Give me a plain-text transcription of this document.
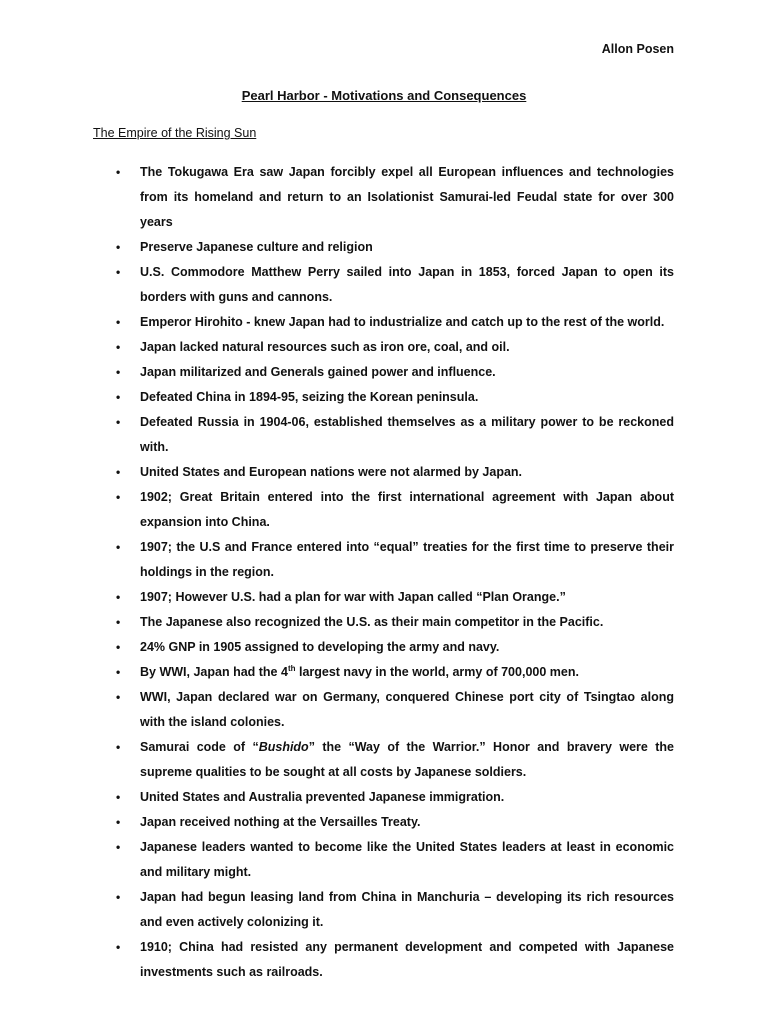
Allon Posen
Pearl Harbor - Motivations and Consequences
The Empire of the Rising Sun
• The Tokugawa Era saw Japan forcibly expel all European influences and technologies from its homeland and return to an Isolationist Samurai-led Feudal state for over 300 years
• Preserve Japanese culture and religion
• U.S. Commodore Matthew Perry sailed into Japan in 1853, forced Japan to open its borders with guns and cannons.
• Emperor Hirohito - knew Japan had to industrialize and catch up to the rest of the world.
• Japan lacked natural resources such as iron ore, coal, and oil.
• Japan militarized and Generals gained power and influence.
• Defeated China in 1894-95, seizing the Korean peninsula.
• Defeated Russia in 1904-06, established themselves as a military power to be reckoned with.
• United States and European nations were not alarmed by Japan.
• 1902; Great Britain entered into the first international agreement with Japan about expansion into China.
• 1907; the U.S and France entered into “equal” treaties for the first time to preserve their holdings in the region.
• 1907; However U.S. had a plan for war with Japan called “Plan Orange.”
• The Japanese also recognized the U.S. as their main competitor in the Pacific.
• 24% GNP in 1905 assigned to developing the army and navy.
• By WWI, Japan had the 4th largest navy in the world, army of 700,000 men.
• WWI, Japan declared war on Germany, conquered Chinese port city of Tsingtao along with the island colonies.
• Samurai code of “Bushido” the “Way of the Warrior.” Honor and bravery were the supreme qualities to be sought at all costs by Japanese soldiers.
• United States and Australia prevented Japanese immigration.
• Japan received nothing at the Versailles Treaty.
• Japanese leaders wanted to become like the United States leaders at least in economic and military might.
• Japan had begun leasing land from China in Manchuria – developing its rich resources and even actively colonizing it.
• 1910; China had resisted any permanent development and competed with Japanese investments such as railroads.
